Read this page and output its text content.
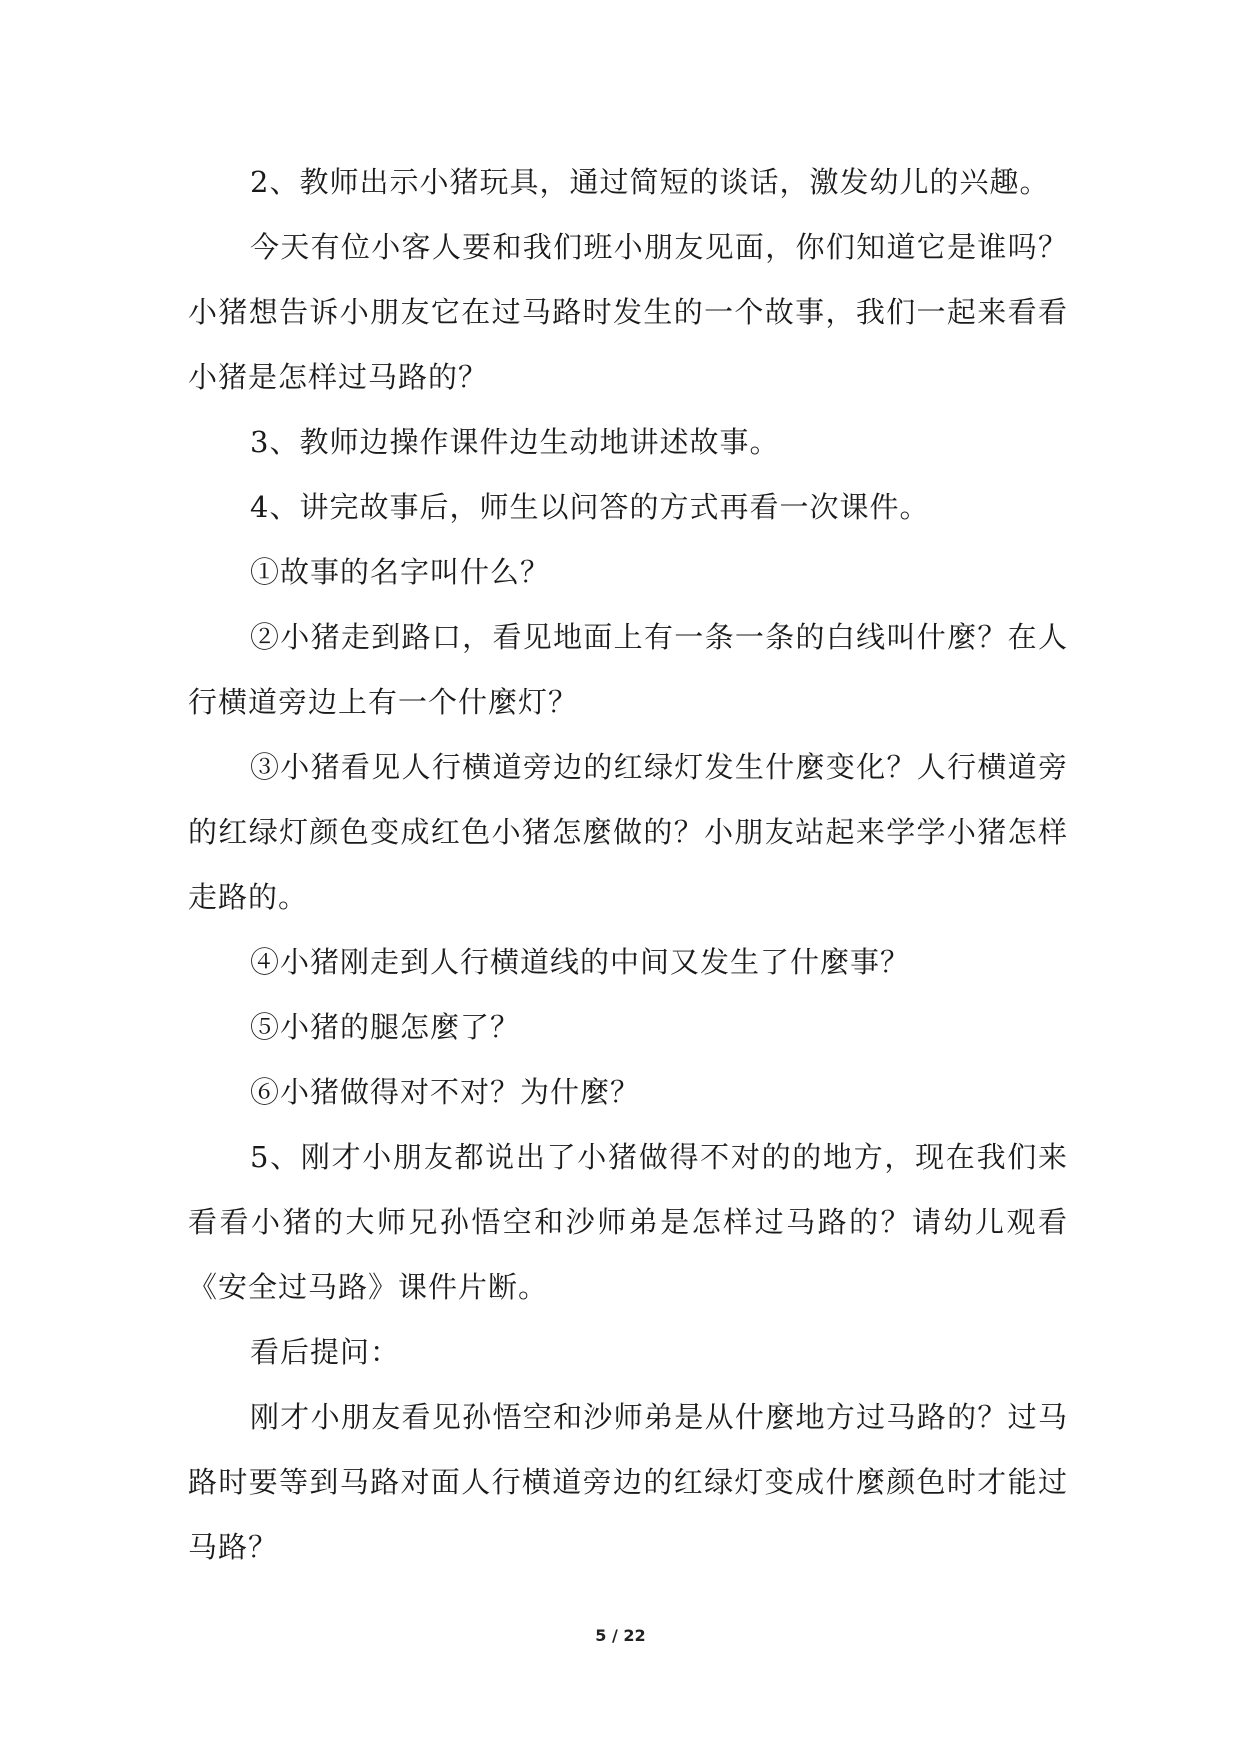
2、教师出示小猪玩具，通过简短的谈话，激发幼儿的兴趣。

今天有位小客人要和我们班小朋友见面，你们知道它是谁吗？小猪想告诉小朋友它在过马路时发生的一个故事，我们一起来看看小猪是怎样过马路的？

3、教师边操作课件边生动地讲述故事。

4、讲完故事后，师生以问答的方式再看一次课件。

①故事的名字叫什么？

②小猪走到路口，看见地面上有一条一条的白线叫什麼？在人行横道旁边上有一个什麼灯？

③小猪看见人行横道旁边的红绿灯发生什麼变化？人行横道旁的红绿灯颜色变成红色小猪怎麼做的？小朋友站起来学学小猪怎样走路的。

④小猪刚走到人行横道线的中间又发生了什麼事？

⑤小猪的腿怎麼了？

⑥小猪做得对不对？为什麼？

5、刚才小朋友都说出了小猪做得不对的的地方，现在我们来看看小猪的大师兄孙悟空和沙师弟是怎样过马路的？请幼儿观看《安全过马路》课件片断。

看后提问：

刚才小朋友看见孙悟空和沙师弟是从什麼地方过马路的？过马路时要等到马路对面人行横道旁边的红绿灯变成什麼颜色时才能过马路？

5 / 22
